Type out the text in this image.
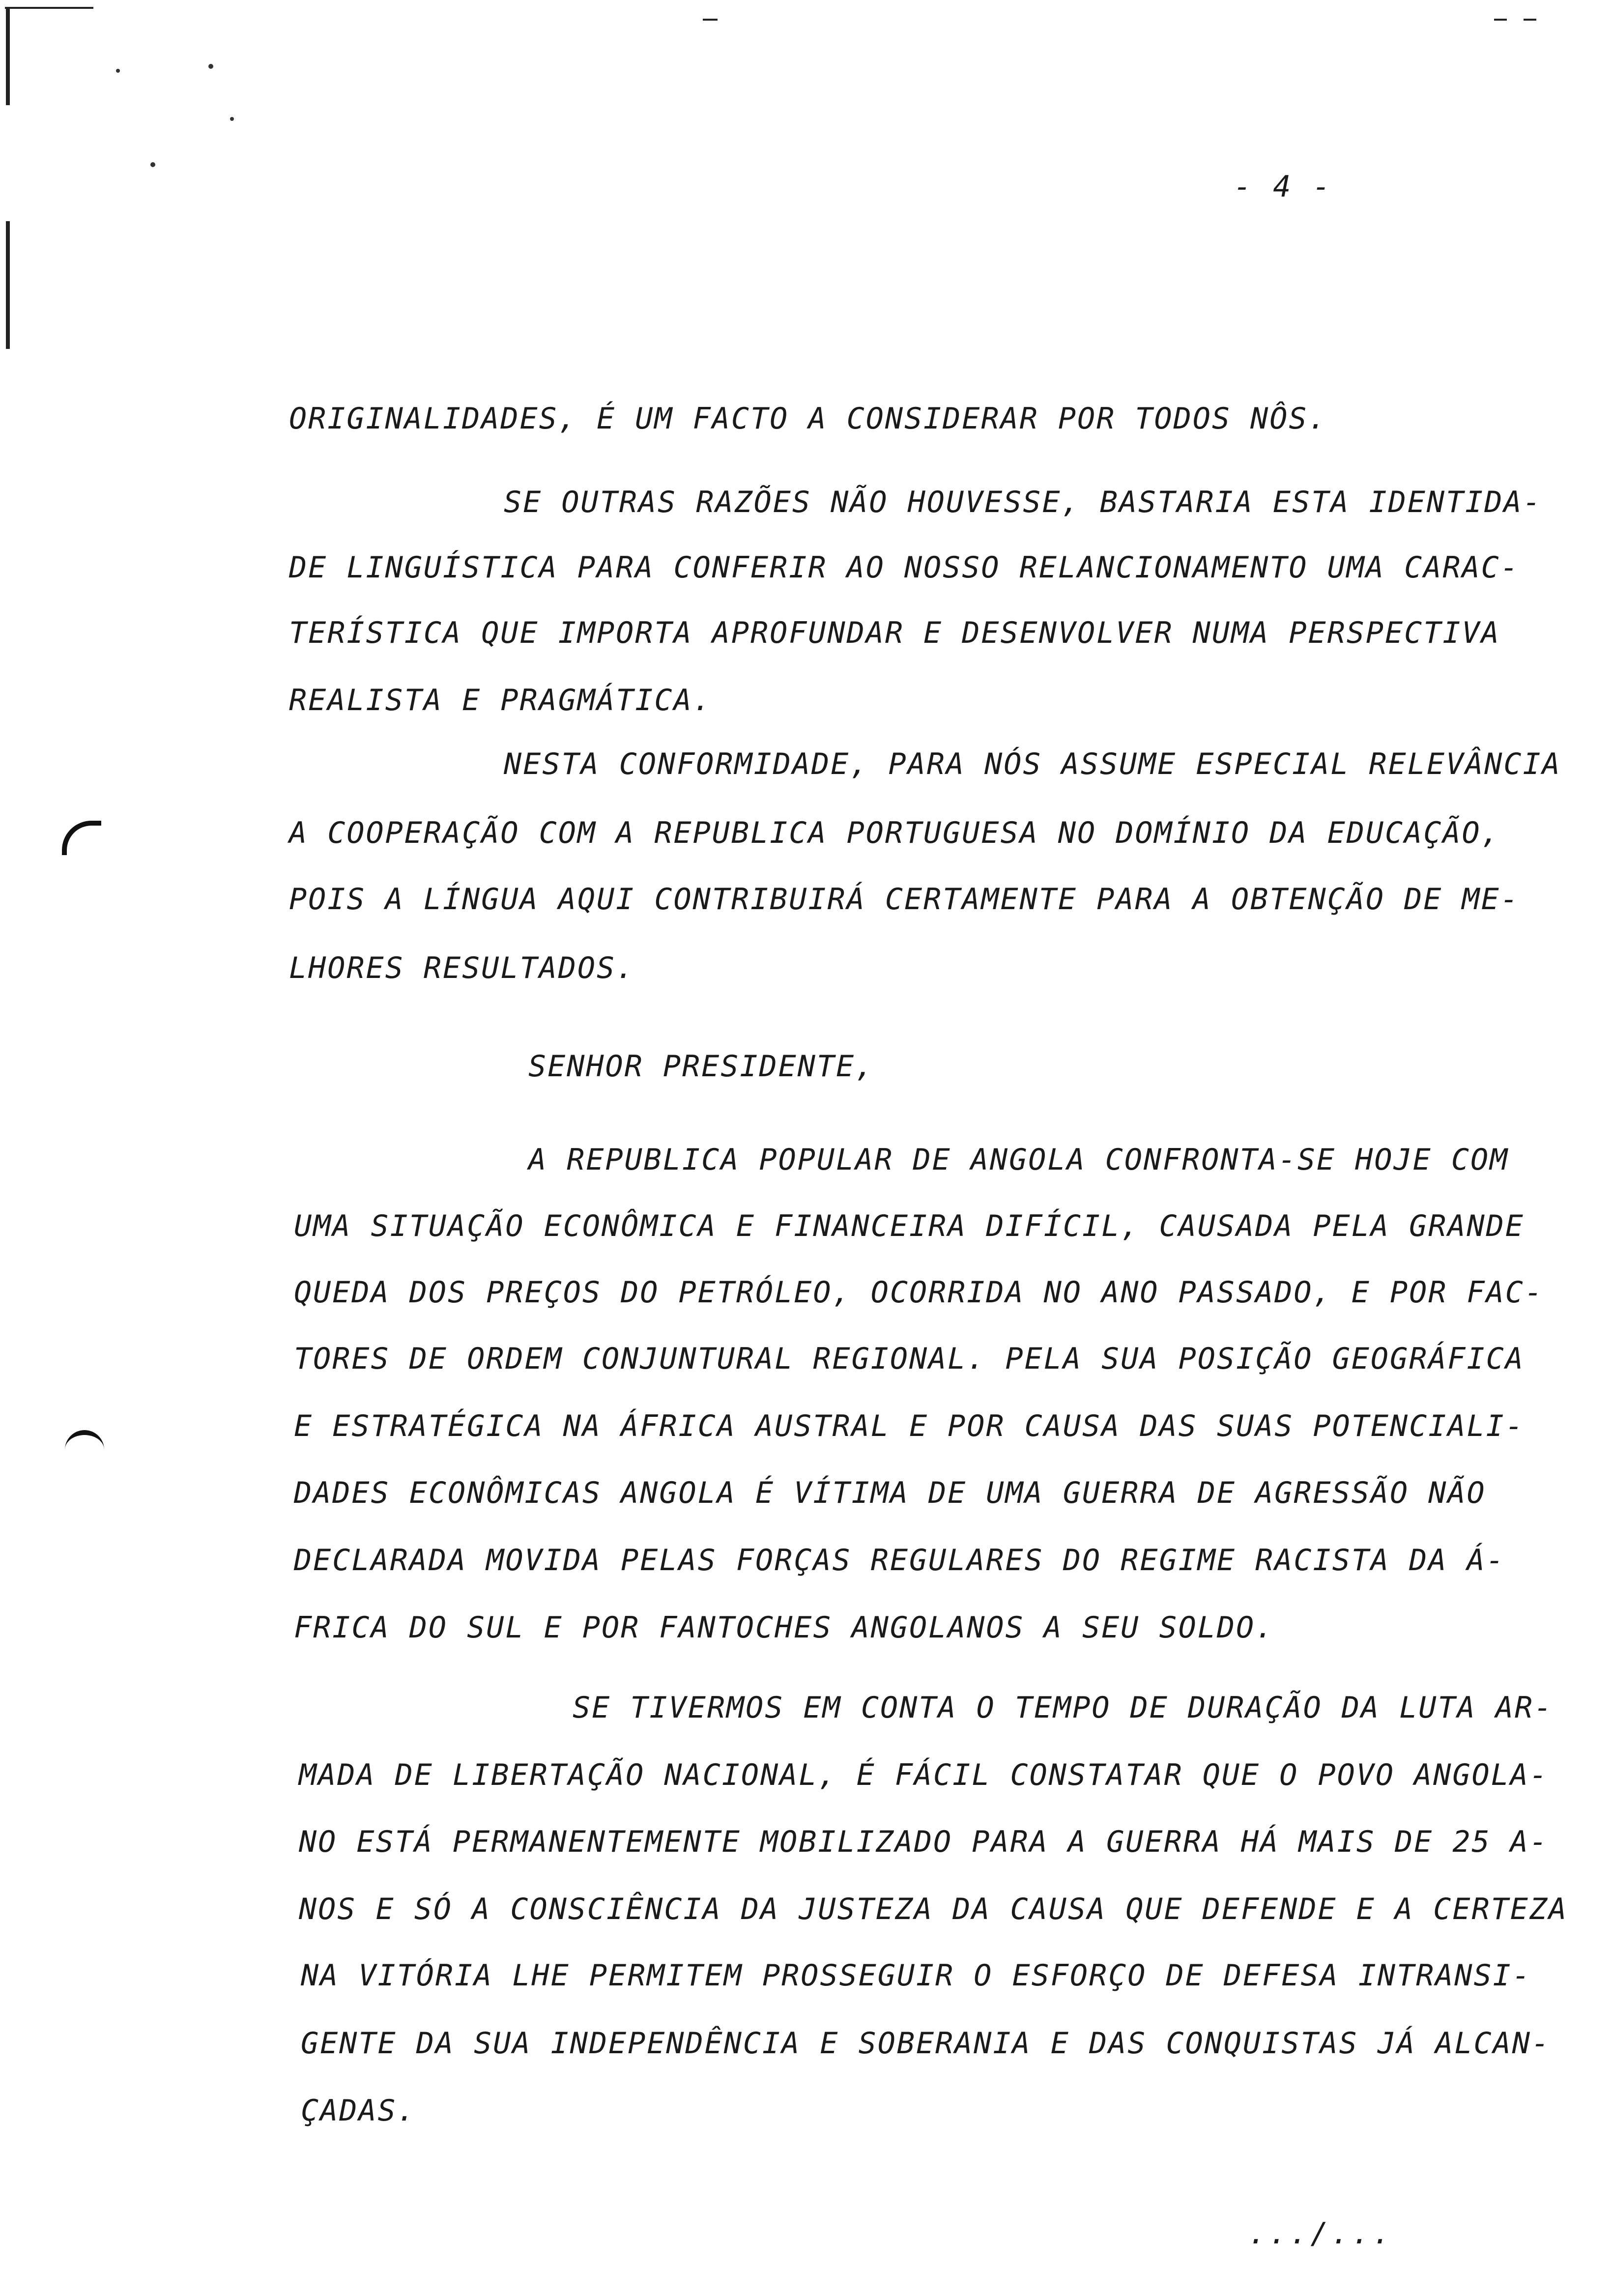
- 4 -
ORIGINALIDADES, É UM FACTO A CONSIDERAR POR TODOS NÔS.
SE OUTRAS RAZÕES NÃO HOUVESSE, BASTARIA ESTA IDENTIDA-
DE LINGUÍSTICA PARA CONFERIR AO NOSSO RELANCIONAMENTO UMA CARAC-
TERÍSTICA QUE IMPORTA APROFUNDAR E DESENVOLVER NUMA PERSPECTIVA
REALISTA E PRAGMÁTICA.
NESTA CONFORMIDADE, PARA NÓS ASSUME ESPECIAL RELEVÂNCIA
A COOPERAÇÃO COM A REPUBLICA PORTUGUESA NO DOMÍNIO DA EDUCAÇÃO,
POIS A LÍNGUA AQUI CONTRIBUIRÁ CERTAMENTE PARA A OBTENÇÃO DE ME-
LHORES RESULTADOS.
SENHOR PRESIDENTE,
A REPUBLICA POPULAR DE ANGOLA CONFRONTA-SE HOJE COM
UMA SITUAÇÃO ECONÔMICA E FINANCEIRA DIFÍCIL, CAUSADA PELA GRANDE
QUEDA DOS PREÇOS DO PETRÓLEO, OCORRIDA NO ANO PASSADO, E POR FAC-
TORES DE ORDEM CONJUNTURAL REGIONAL. PELA SUA POSIÇÃO GEOGRÁFICA
E ESTRATÉGICA NA ÁFRICA AUSTRAL E POR CAUSA DAS SUAS POTENCIALI-
DADES ECONÔMICAS ANGOLA É VÍTIMA DE UMA GUERRA DE AGRESSÃO NÃO
DECLARADA MOVIDA PELAS FORÇAS REGULARES DO REGIME RACISTA DA Á-
FRICA DO SUL E POR FANTOCHES ANGOLANOS A SEU SOLDO.
SE TIVERMOS EM CONTA O TEMPO DE DURAÇÃO DA LUTA AR-
MADA DE LIBERTAÇÃO NACIONAL, É FÁCIL CONSTATAR QUE O POVO ANGOLA-
NO ESTÁ PERMANENTEMENTE MOBILIZADO PARA A GUERRA HÁ MAIS DE 25 A-
NOS E SÓ A CONSCIÊNCIA DA JUSTEZA DA CAUSA QUE DEFENDE E A CERTEZA
NA VITÓRIA LHE PERMITEM PROSSEGUIR O ESFORÇO DE DEFESA INTRANSI-
GENTE DA SUA INDEPENDÊNCIA E SOBERANIA E DAS CONQUISTAS JÁ ALCAN-
ÇADAS.
.../...
